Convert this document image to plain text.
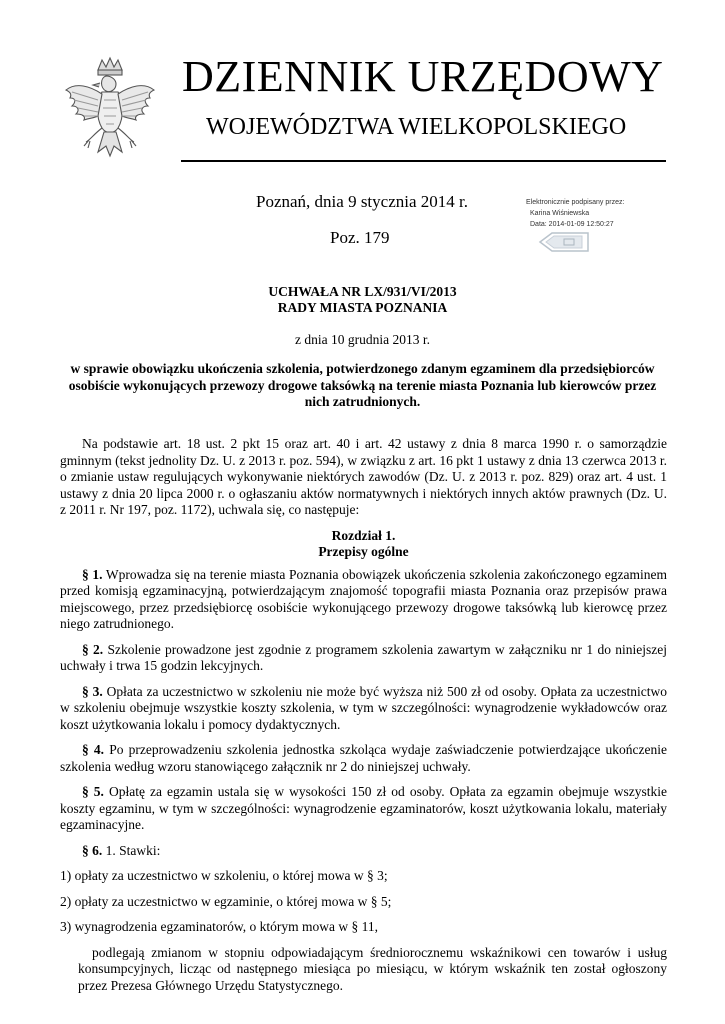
DZIENNIK URZĘDOWY
WOJEWÓDZTWA WIELKOPOLSKIEGO
Poznań, dnia 9 stycznia 2014 r.
Poz. 179
Elektronicznie podpisany przez:
Karina Wiśniewska
Data: 2014-01-09 12:50:27
UCHWAŁA NR LX/931/VI/2013
RADY MIASTA POZNANIA
z dnia 10 grudnia 2013 r.
w sprawie obowiązku ukończenia szkolenia, potwierdzonego zdanym egzaminem dla przedsiębiorców osobiście wykonujących przewozy drogowe taksówką na terenie miasta Poznania lub kierowców przez nich zatrudnionych.

Na podstawie art. 18 ust. 2 pkt 15 oraz art. 40 i art. 42 ustawy z dnia 8 marca 1990 r. o samorządzie gminnym (tekst jednolity Dz. U. z 2013 r. poz. 594), w związku z art. 16 pkt 1 ustawy z dnia 13 czerwca 2013 r. o zmianie ustaw regulujących wykonywanie niektórych zawodów (Dz. U. z 2013 r. poz. 829) oraz art. 4 ust. 1 ustawy z dnia 20 lipca 2000 r. o ogłaszaniu aktów normatywnych i niektórych innych aktów prawnych (Dz. U. z 2011 r. Nr 197, poz. 1172), uchwala się, co następuje:

Rozdział 1.
Przepisy ogólne

§ 1. Wprowadza się na terenie miasta Poznania obowiązek ukończenia szkolenia zakończonego egzaminem przed komisją egzaminacyjną, potwierdzającym znajomość topografii miasta Poznania oraz przepisów prawa miejscowego, przez przedsiębiorcę osobiście wykonującego przewozy drogowe taksówką lub kierowcę przez niego zatrudnionego.

§ 2. Szkolenie prowadzone jest zgodnie z programem szkolenia zawartym w załączniku nr 1 do niniejszej uchwały i trwa 15 godzin lekcyjnych.

§ 3. Opłata za uczestnictwo w szkoleniu nie może być wyższa niż 500 zł od osoby. Opłata za uczestnictwo w szkoleniu obejmuje wszystkie koszty szkolenia, w tym w szczególności: wynagrodzenie wykładowców oraz koszt użytkowania lokalu i pomocy dydaktycznych.

§ 4. Po przeprowadzeniu szkolenia jednostka szkoląca wydaje zaświadczenie potwierdzające ukończenie szkolenia według wzoru stanowiącego załącznik nr 2 do niniejszej uchwały.

§ 5. Opłatę za egzamin ustala się w wysokości 150 zł od osoby. Opłata za egzamin obejmuje wszystkie koszty egzaminu, w tym w szczególności: wynagrodzenie egzaminatorów, koszt użytkowania lokalu, materiały egzaminacyjne.

§ 6. 1. Stawki:

1) opłaty za uczestnictwo w szkoleniu, o której mowa w § 3;

2) opłaty za uczestnictwo w egzaminie, o której mowa w § 5;

3) wynagrodzenia egzaminatorów, o którym mowa w § 11,

podlegają zmianom w stopniu odpowiadającym średniorocznemu wskaźnikowi cen towarów i usług konsumpcyjnych, licząc od następnego miesiąca po miesiącu, w którym wskaźnik ten został ogłoszony przez Prezesa Głównego Urzędu Statystycznego.
